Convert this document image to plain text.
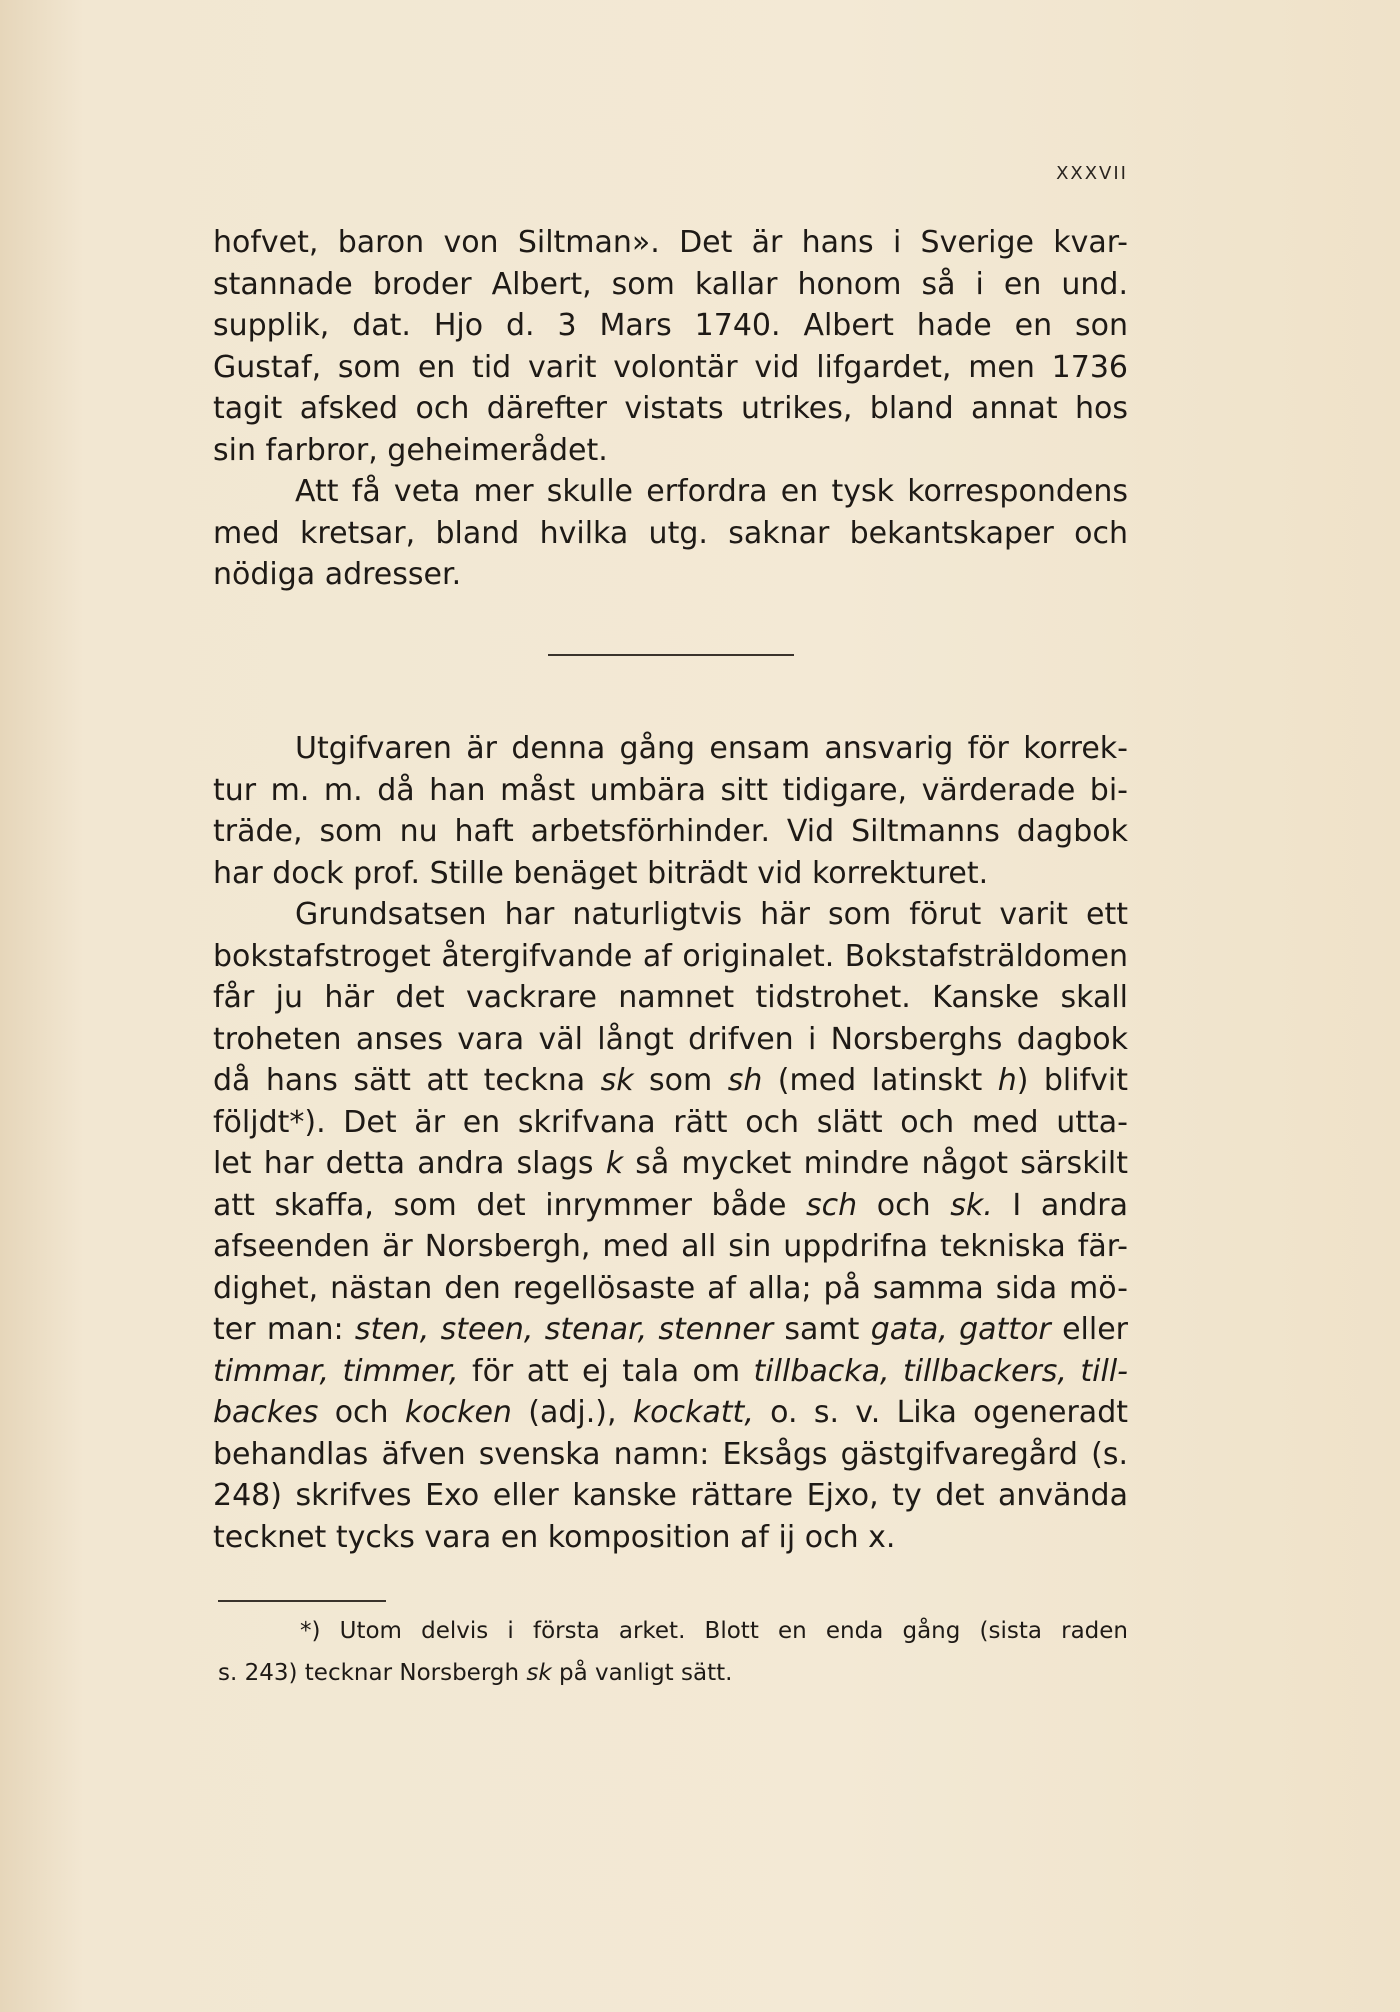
XXXVII

hofvet, baron von Siltman». Det är hans i Sverige kvar-
stannade broder Albert, som kallar honom så i en und.
supplik, dat. Hjo d. 3 Mars 1740. Albert hade en son
Gustaf, som en tid varit volontär vid lifgardet, men 1736
tagit afsked och därefter vistats utrikes, bland annat hos
sin farbror, geheimerådet.

Att få veta mer skulle erfordra en tysk korrespondens
med kretsar, bland hvilka utg. saknar bekantskaper och
nödiga adresser.

Utgifvaren är denna gång ensam ansvarig för korrek-
tur m. m. då han måst umbära sitt tidigare, värderade bi-
träde, som nu haft arbetsförhinder. Vid Siltmanns dagbok
har dock prof. Stille benäget biträdt vid korrekturet.

Grundsatsen har naturligtvis här som förut varit ett
bokstafstroget återgifvande af originalet. Bokstafsträldomen
får ju här det vackrare namnet tidstrohet. Kanske skall
troheten anses vara väl långt drifven i Norsberghs dagbok
då hans sätt att teckna sk som sh (med latinskt h) blifvit
följdt*). Det är en skrifvana rätt och slätt och med utta-
let har detta andra slags k så mycket mindre något särskilt
att skaffa, som det inrymmer både sch och sk. I andra
afseenden är Norsbergh, med all sin uppdrifna tekniska fär-
dighet, nästan den regellösaste af alla; på samma sida mö-
ter man: sten, steen, stenar, stenner samt gata, gattor eller
timmar, timmer, för att ej tala om tillbacka, tillbackers, till-
backes och kocken (adj.), kockatt, o. s. v. Lika ogeneradt
behandlas äfven svenska namn: Eksågs gästgifvaregård (s.
248) skrifves Exo eller kanske rättare Ejxo, ty det använda
tecknet tycks vara en komposition af ij och x.

*) Utom delvis i första arket. Blott en enda gång (sista raden
s. 243) tecknar Norsbergh sk på vanligt sätt.
